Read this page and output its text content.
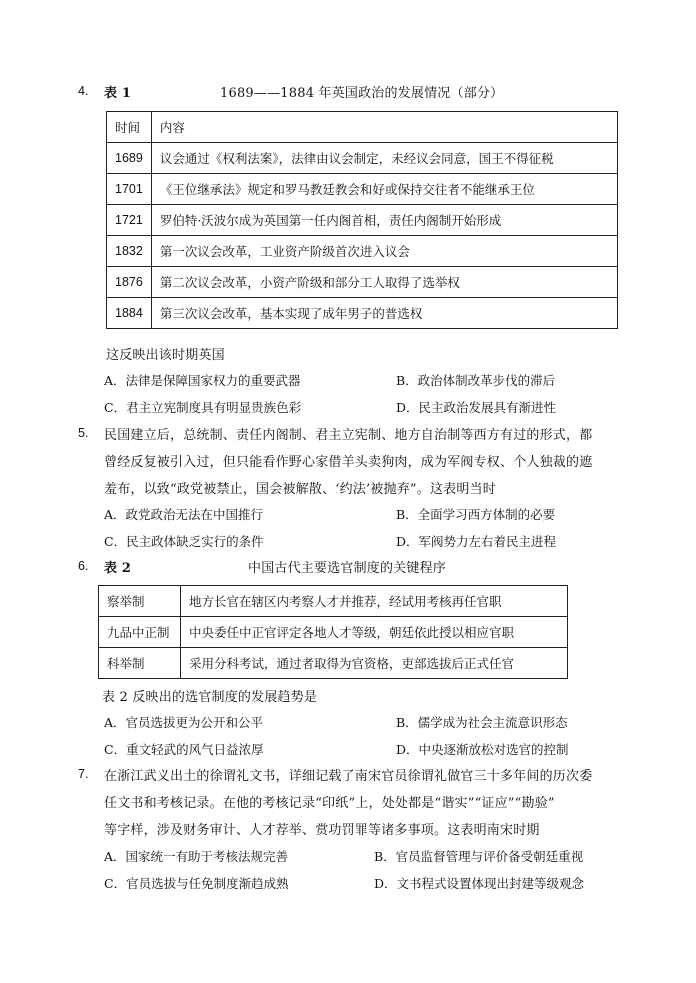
4. 表 1	1689——1884 年英国政治的发展情况（部分）
时间	内容
1689	议会通过《权利法案》，法律由议会制定，未经议会同意，国王不得征税
1701	《王位继承法》规定和罗马教廷教会和好或保持交往者不能继承王位
1721	罗伯特·沃波尔成为英国第一任内阁首相，责任内阁制开始形成
1832	第一次议会改革，工业资产阶级首次进入议会
1876	第二次议会改革，小资产阶级和部分工人取得了选举权
1884	第三次议会改革，基本实现了成年男子的普选权
这反映出该时期英国
A．法律是保障国家权力的重要武器	B．政治体制改革步伐的滞后
C．君主立宪制度具有明显贵族色彩	D．民主政治发展具有渐进性
5. 民国建立后，总统制、责任内阁制、君主立宪制、地方自治制等西方有过的形式，都
曾经反复被引入过，但只能看作野心家借羊头卖狗肉，成为军阀专权、个人独裁的遮
羞布，以致“政党被禁止，国会被解散、‘约法’被抛弃”。这表明当时
A．政党政治无法在中国推行	B．全面学习西方体制的必要
C．民主政体缺乏实行的条件	D．军阀势力左右着民主进程
6. 表 2	中国古代主要选官制度的关键程序
察举制	地方长官在辖区内考察人才并推荐，经试用考核再任官职
九品中正制	中央委任中正官评定各地人才等级，朝廷依此授以相应官职
科举制	采用分科考试，通过者取得为官资格，吏部选拔后正式任官
表 2 反映出的选官制度的发展趋势是
A．官员选拔更为公开和公平	B．儒学成为社会主流意识形态
C．重文轻武的风气日益浓厚	D．中央逐渐放松对选官的控制
7. 在浙江武义出土的徐谓礼文书，详细记载了南宋官员徐谓礼做官三十多年间的历次委
任文书和考核记录。在他的考核记录“印纸”上，处处都是“谐实”“证应”“勘验”
等字样，涉及财务审计、人才荐举、赏功罚罪等诸多事项。这表明南宋时期
A．国家统一有助于考核法规完善	B．官员监督管理与评价备受朝廷重视
C．官员选拔与任免制度渐趋成熟	D．文书程式设置体现出封建等级观念
